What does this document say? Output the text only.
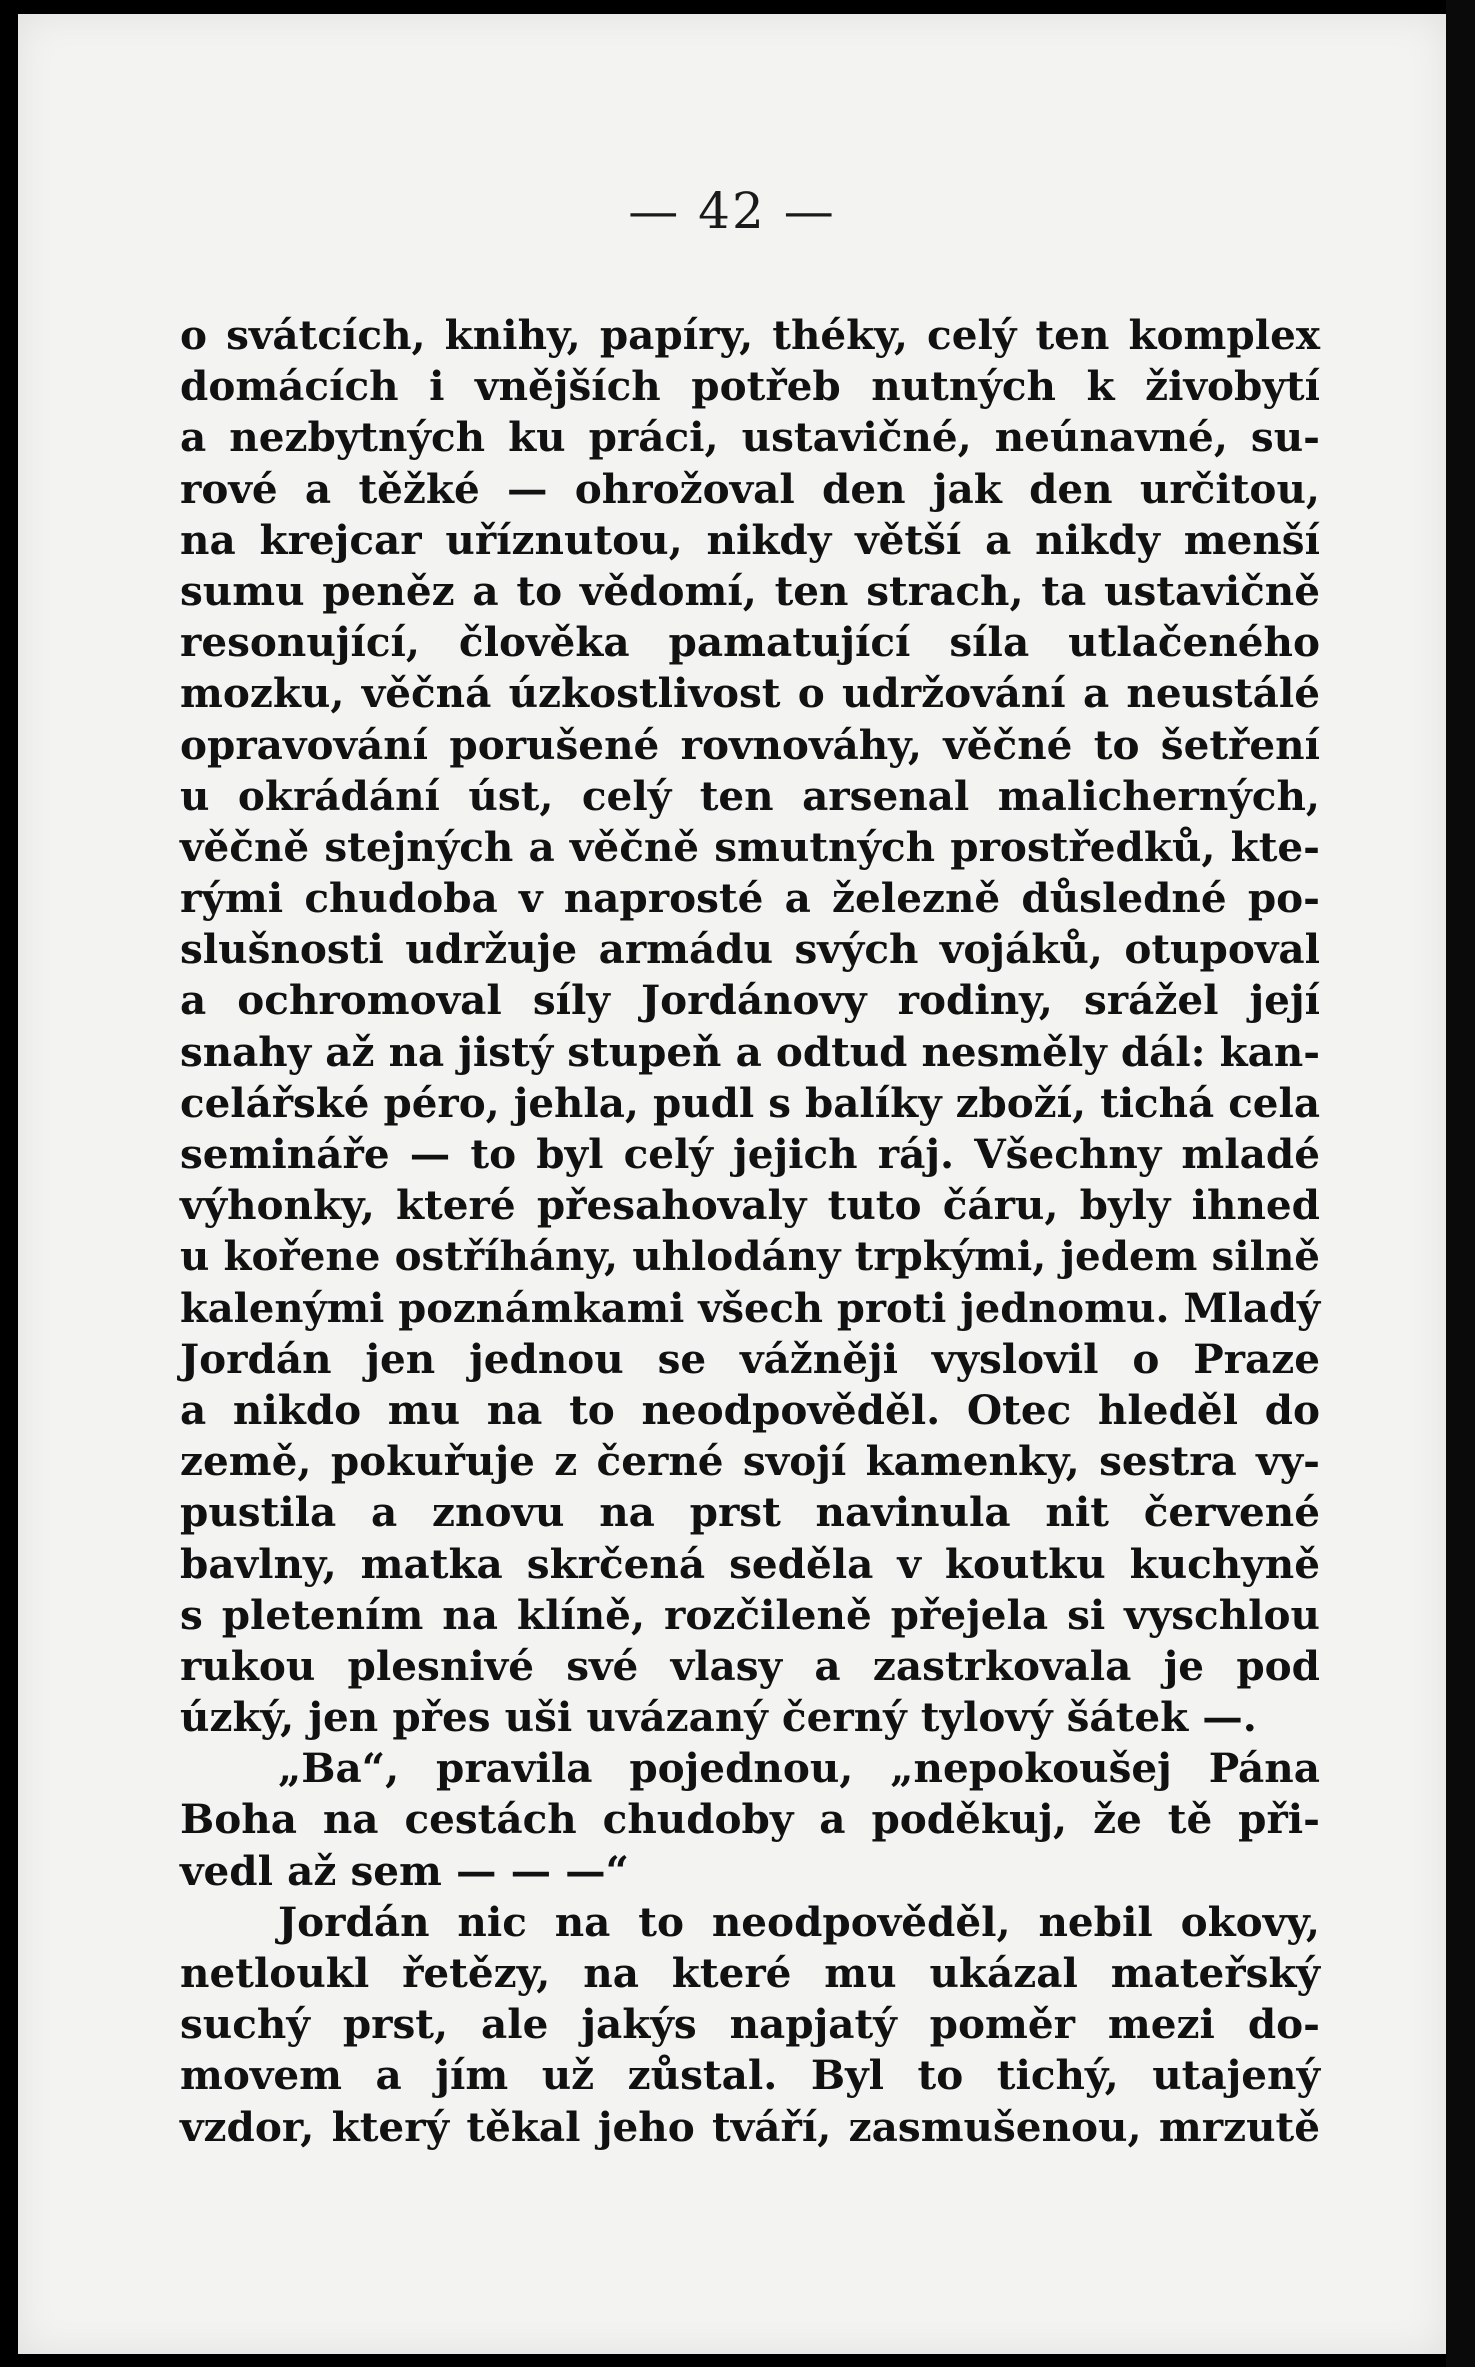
— 42 —
o svátcích, knihy, papíry, théky, celý ten komplex
domácích i vnějších potřeb nutných k živobytí
a nezbytných ku práci, ustavičné, neúnavné, su-
rové a těžké — ohrožoval den jak den určitou,
na krejcar uříznutou, nikdy větší a nikdy menší
sumu peněz a to vědomí, ten strach, ta ustavičně
resonující, člověka pamatující síla utlačeného
mozku, věčná úzkostlivost o udržování a neustálé
opravování porušené rovnováhy, věčné to šetření
u okrádání úst, celý ten arsenal malicherných,
věčně stejných a věčně smutných prostředků, kte-
rými chudoba v naprosté a železně důsledné po-
slušnosti udržuje armádu svých vojáků, otupoval
a ochromoval síly Jordánovy rodiny, srážel její
snahy až na jistý stupeň a odtud nesměly dál: kan-
celářské péro, jehla, pudl s balíky zboží, tichá cela
semináře — to byl celý jejich ráj. Všechny mladé
výhonky, které přesahovaly tuto čáru, byly ihned
u kořene ostříhány, uhlodány trpkými, jedem silně
kalenými poznámkami všech proti jednomu. Mladý
Jordán jen jednou se vážněji vyslovil o Praze
a nikdo mu na to neodpověděl. Otec hleděl do
země, pokuřuje z černé svojí kamenky, sestra vy-
pustila a znovu na prst navinula nit červené
bavlny, matka skrčená seděla v koutku kuchyně
s pletením na klíně, rozčileně přejela si vyschlou
rukou plesnivé své vlasy a zastrkovala je pod
úzký, jen přes uši uvázaný černý tylový šátek —.
„Ba“, pravila pojednou, „nepokoušej Pána
Boha na cestách chudoby a poděkuj, že tě při-
vedl až sem — — —“
Jordán nic na to neodpověděl, nebil okovy,
netloukl řetězy, na které mu ukázal mateřský
suchý prst, ale jakýs napjatý poměr mezi do-
movem a jím už zůstal. Byl to tichý, utajený
vzdor, který těkal jeho tváří, zasmušenou, mrzutě
